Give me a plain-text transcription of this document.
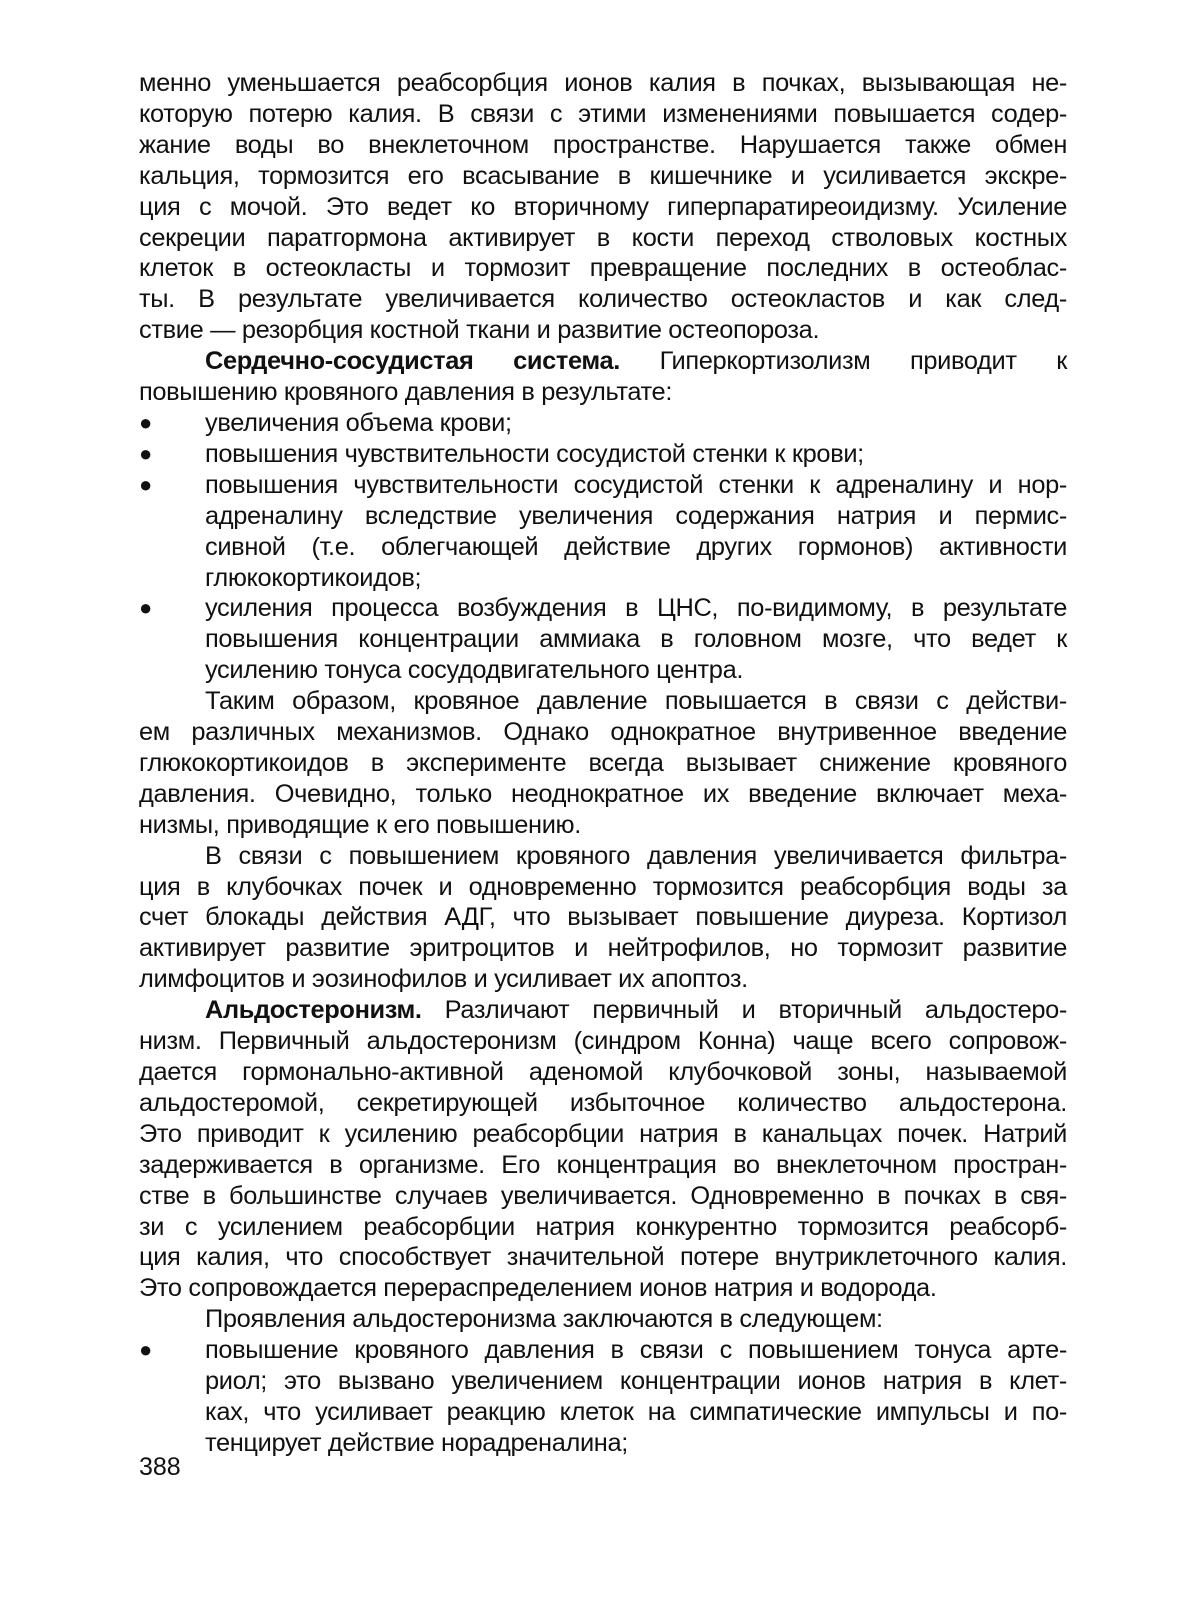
менно уменьшается реабсорбция ионов калия в почках, вызывающая не-
которую потерю калия. В связи с этими изменениями повышается содер-
жание воды во внеклеточном пространстве. Нарушается также обмен
кальция, тормозится его всасывание в кишечнике и усиливается экскре-
ция с мочой. Это ведет ко вторичному гиперпаратиреоидизму. Усиление
секреции паратгормона активирует в кости переход стволовых костных
клеток в остеокласты и тормозит превращение последних в остеоблас-
ты. В результате увеличивается количество остеокластов и как след-
ствие — резорбция костной ткани и развитие остеопороза.
Сердечно-сосудистая система. Гиперкортизолизм приводит к
повышению кровяного давления в результате:
● увеличения объема крови;
● повышения чувствительности сосудистой стенки к крови;
● повышения чувствительности сосудистой стенки к адреналину и нор-
адреналину вследствие увеличения содержания натрия и пермис-
сивной (т.е. облегчающей действие других гормонов) активности
глюкокортикоидов;
● усиления процесса возбуждения в ЦНС, по-видимому, в результате
повышения концентрации аммиака в головном мозге, что ведет к
усилению тонуса сосудодвигательного центра.
Таким образом, кровяное давление повышается в связи с действи-
ем различных механизмов. Однако однократное внутривенное введение
глюкокортикоидов в эксперименте всегда вызывает снижение кровяного
давления. Очевидно, только неоднократное их введение включает меха-
низмы, приводящие к его повышению.
В связи с повышением кровяного давления увеличивается фильтра-
ция в клубочках почек и одновременно тормозится реабсорбция воды за
счет блокады действия АДГ, что вызывает повышение диуреза. Кортизол
активирует развитие эритроцитов и нейтрофилов, но тормозит развитие
лимфоцитов и эозинофилов и усиливает их апоптоз.
Альдостеронизм. Различают первичный и вторичный альдостеро-
низм. Первичный альдостеронизм (синдром Конна) чаще всего сопровож-
дается гормонально-активной аденомой клубочковой зоны, называемой
альдостеромой, секретирующей избыточное количество альдостерона.
Это приводит к усилению реабсорбции натрия в канальцах почек. Натрий
задерживается в организме. Его концентрация во внеклеточном простран-
стве в большинстве случаев увеличивается. Одновременно в почках в свя-
зи с усилением реабсорбции натрия конкурентно тормозится реабсорб-
ция калия, что способствует значительной потере внутриклеточного калия.
Это сопровождается перераспределением ионов натрия и водорода.
Проявления альдостеронизма заключаются в следующем:
● повышение кровяного давления в связи с повышением тонуса арте-
риол; это вызвано увеличением концентрации ионов натрия в клет-
ках, что усиливает реакцию клеток на симпатические импульсы и по-
тенцирует действие норадреналина;
388
